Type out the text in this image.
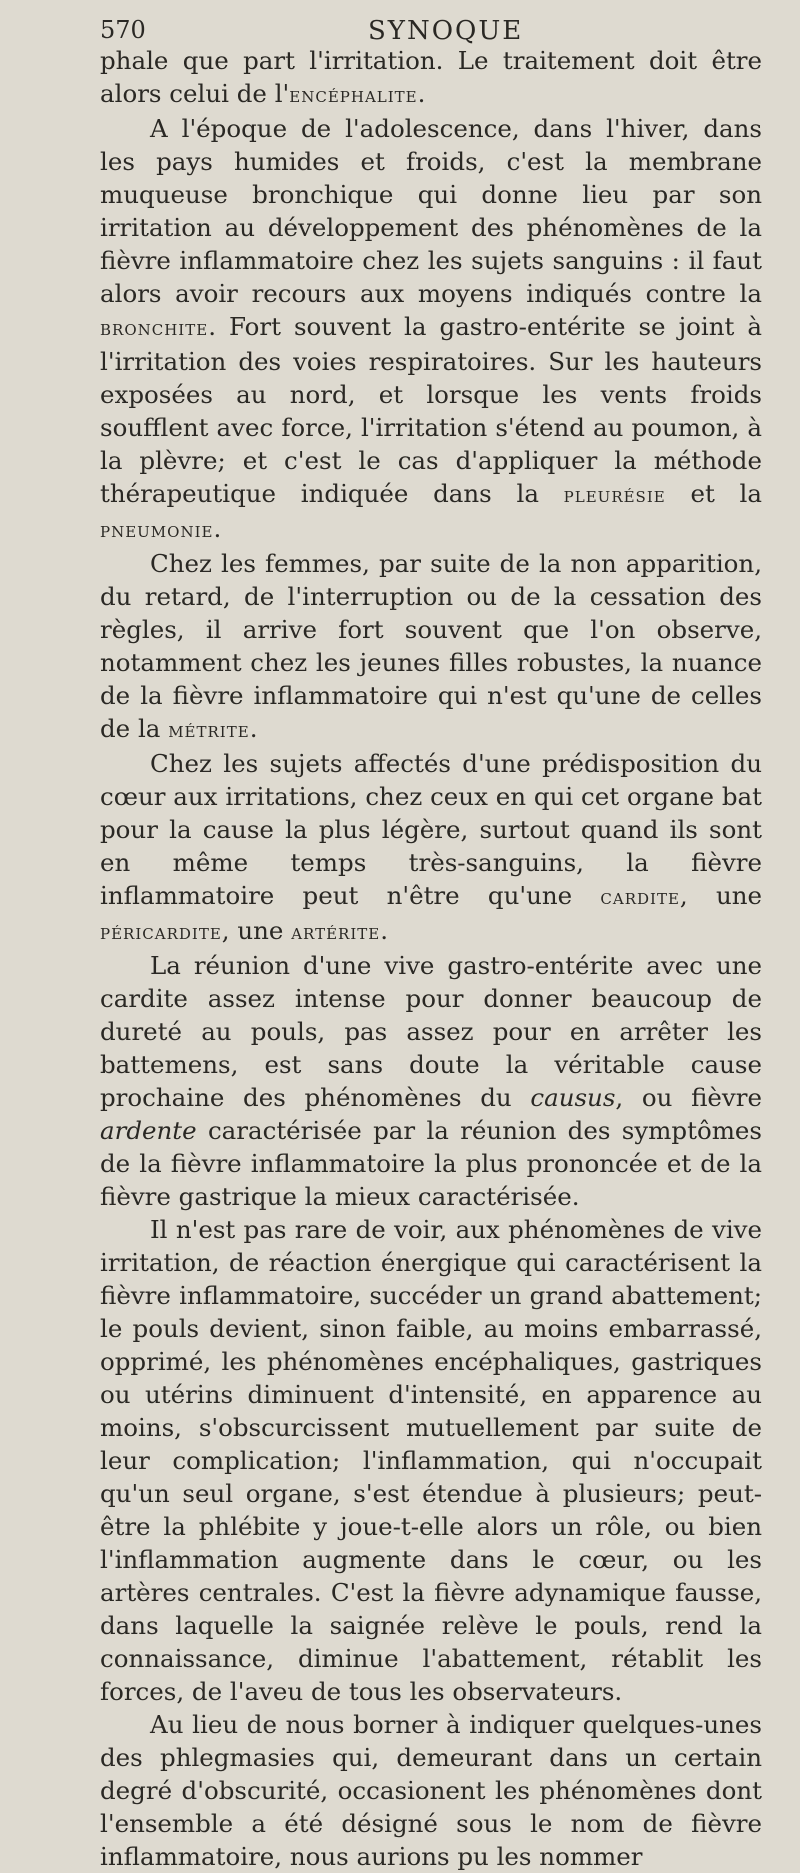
570	SYNOQUE

phale que part l'irritation. Le traitement doit être alors celui de l'encéphalite.

A l'époque de l'adolescence, dans l'hiver, dans les pays humides et froids, c'est la membrane muqueuse bronchique qui donne lieu par son irritation au développement des phénomènes de la fièvre inflammatoire chez les sujets sanguins : il faut alors avoir recours aux moyens indiqués contre la bronchite. Fort souvent la gastro-entérite se joint à l'irritation des voies respiratoires. Sur les hauteurs exposées au nord, et lorsque les vents froids soufflent avec force, l'irritation s'étend au poumon, à la plèvre; et c'est le cas d'appliquer la méthode thérapeutique indiquée dans la pleurésie et la pneumonie.

Chez les femmes, par suite de la non apparition, du retard, de l'interruption ou de la cessation des règles, il arrive fort souvent que l'on observe, notamment chez les jeunes filles robustes, la nuance de la fièvre inflammatoire qui n'est qu'une de celles de la métrite.

Chez les sujets affectés d'une prédisposition du cœur aux irritations, chez ceux en qui cet organe bat pour la cause la plus légère, surtout quand ils sont en même temps très-sanguins, la fièvre inflammatoire peut n'être qu'une cardite, une péricardite, une artérite.

La réunion d'une vive gastro-entérite avec une cardite assez intense pour donner beaucoup de dureté au pouls, pas assez pour en arrêter les battemens, est sans doute la véritable cause prochaine des phénomènes du causus, ou fièvre ardente caractérisée par la réunion des symptômes de la fièvre inflammatoire la plus prononcée et de la fièvre gastrique la mieux caractérisée.

Il n'est pas rare de voir, aux phénomènes de vive irritation, de réaction énergique qui caractérisent la fièvre inflammatoire, succéder un grand abattement; le pouls devient, sinon faible, au moins embarrassé, opprimé, les phénomènes encéphaliques, gastriques ou utérins diminuent d'intensité, en apparence au moins, s'obscurcissent mutuellement par suite de leur complication; l'inflammation, qui n'occupait qu'un seul organe, s'est étendue à plusieurs; peut-être la phlébite y joue-t-elle alors un rôle, ou bien l'inflammation augmente dans le cœur, ou les artères centrales. C'est la fièvre adynamique fausse, dans laquelle la saignée relève le pouls, rend la connaissance, diminue l'abattement, rétablit les forces, de l'aveu de tous les observateurs.

Au lieu de nous borner à indiquer quelques-unes des phlegmasies qui, demeurant dans un certain degré d'obscurité, occasionent les phénomènes dont l'ensemble a été désigné sous le nom de fièvre inflammatoire, nous aurions pu les nommer
